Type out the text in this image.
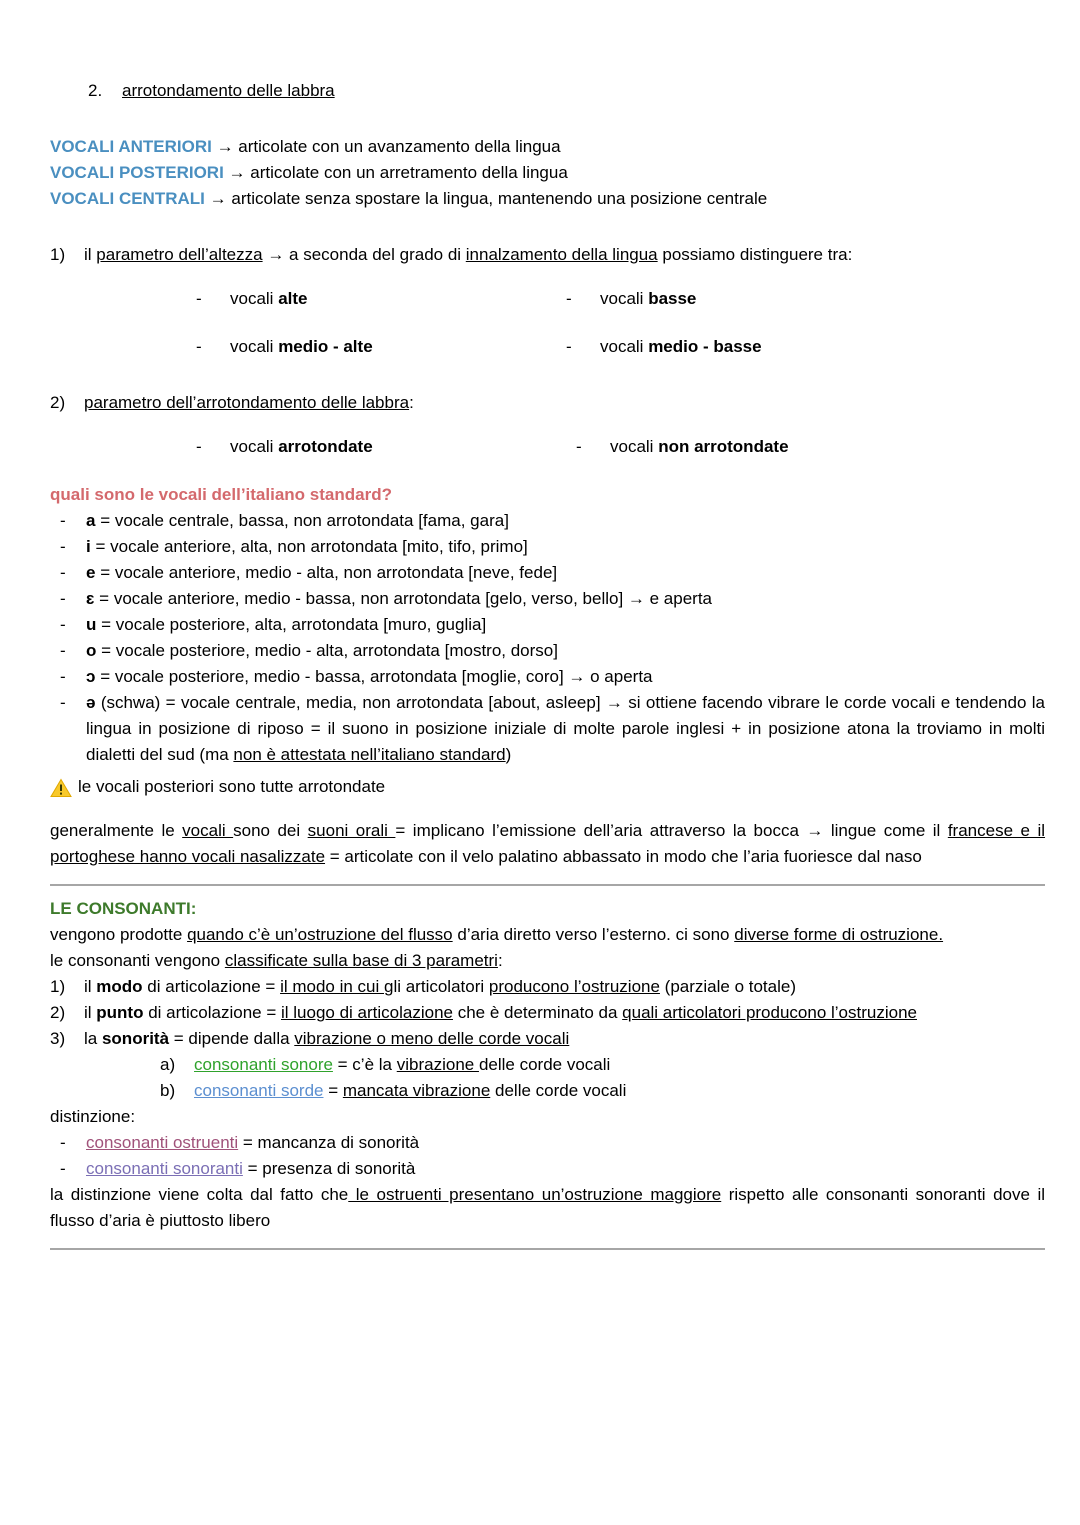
2.	arrotondamento delle labbra
VOCALI ANTERIORI → articolate con un avanzamento della lingua
VOCALI POSTERIORI → articolate con un arretramento della lingua
VOCALI CENTRALI → articolate senza spostare la lingua, mantenendo una posizione centrale
1)	il parametro dell’altezza → a seconda del grado di innalzamento della lingua possiamo distinguere tra:
-	vocali alte	-	vocali basse
-	vocali medio - alte	-	vocali medio - basse
2)	parametro dell’arrotondamento delle labbra:
-	vocali arrotondate	-	vocali non arrotondate
quali sono le vocali dell’italiano standard?
-	a = vocale centrale, bassa, non arrotondata [fama, gara]
-	i = vocale anteriore, alta, non arrotondata [mito, tifo, primo]
-	e = vocale anteriore, medio - alta, non arrotondata [neve, fede]
-	ɛ = vocale anteriore, medio - bassa, non arrotondata [gelo, verso, bello] → e aperta
-	u = vocale posteriore, alta, arrotondata [muro, guglia]
-	o = vocale posteriore, medio - alta, arrotondata [mostro, dorso]
-	ɔ = vocale posteriore, medio - bassa, arrotondata [moglie, coro] → o aperta
-	ə (schwa) = vocale centrale, media, non arrotondata [about, asleep] → si ottiene facendo vibrare le corde vocali e tendendo la lingua in posizione di riposo = il suono in posizione iniziale di molte parole inglesi + in posizione atona la troviamo in molti dialetti del sud (ma non è attestata nell’italiano standard)
le vocali posteriori sono tutte arrotondate
generalmente le vocali sono dei suoni orali = implicano l’emissione dell’aria attraverso la bocca → lingue come il francese e il portoghese hanno vocali nasalizzate = articolate con il velo palatino abbassato in modo che l’aria fuoriesce dal naso
LE CONSONANTI:
vengono prodotte quando c’è un’ostruzione del flusso d’aria diretto verso l’esterno. ci sono diverse forme di ostruzione.
le consonanti vengono classificate sulla base di 3 parametri:
1)	il modo di articolazione = il modo in cui gli articolatori producono l’ostruzione (parziale o totale)
2)	il punto di articolazione = il luogo di articolazione che è determinato da quali articolatori producono l’ostruzione
3)	la sonorità = dipende dalla vibrazione o meno delle corde vocali
a)	consonanti sonore = c’è la vibrazione delle corde vocali
b)	consonanti sorde = mancata vibrazione delle corde vocali
distinzione:
-	consonanti ostruenti = mancanza di sonorità
-	consonanti sonoranti = presenza di sonorità
la distinzione viene colta dal fatto che le ostruenti presentano un’ostruzione maggiore rispetto alle consonanti sonoranti dove il flusso d’aria è piuttosto libero
